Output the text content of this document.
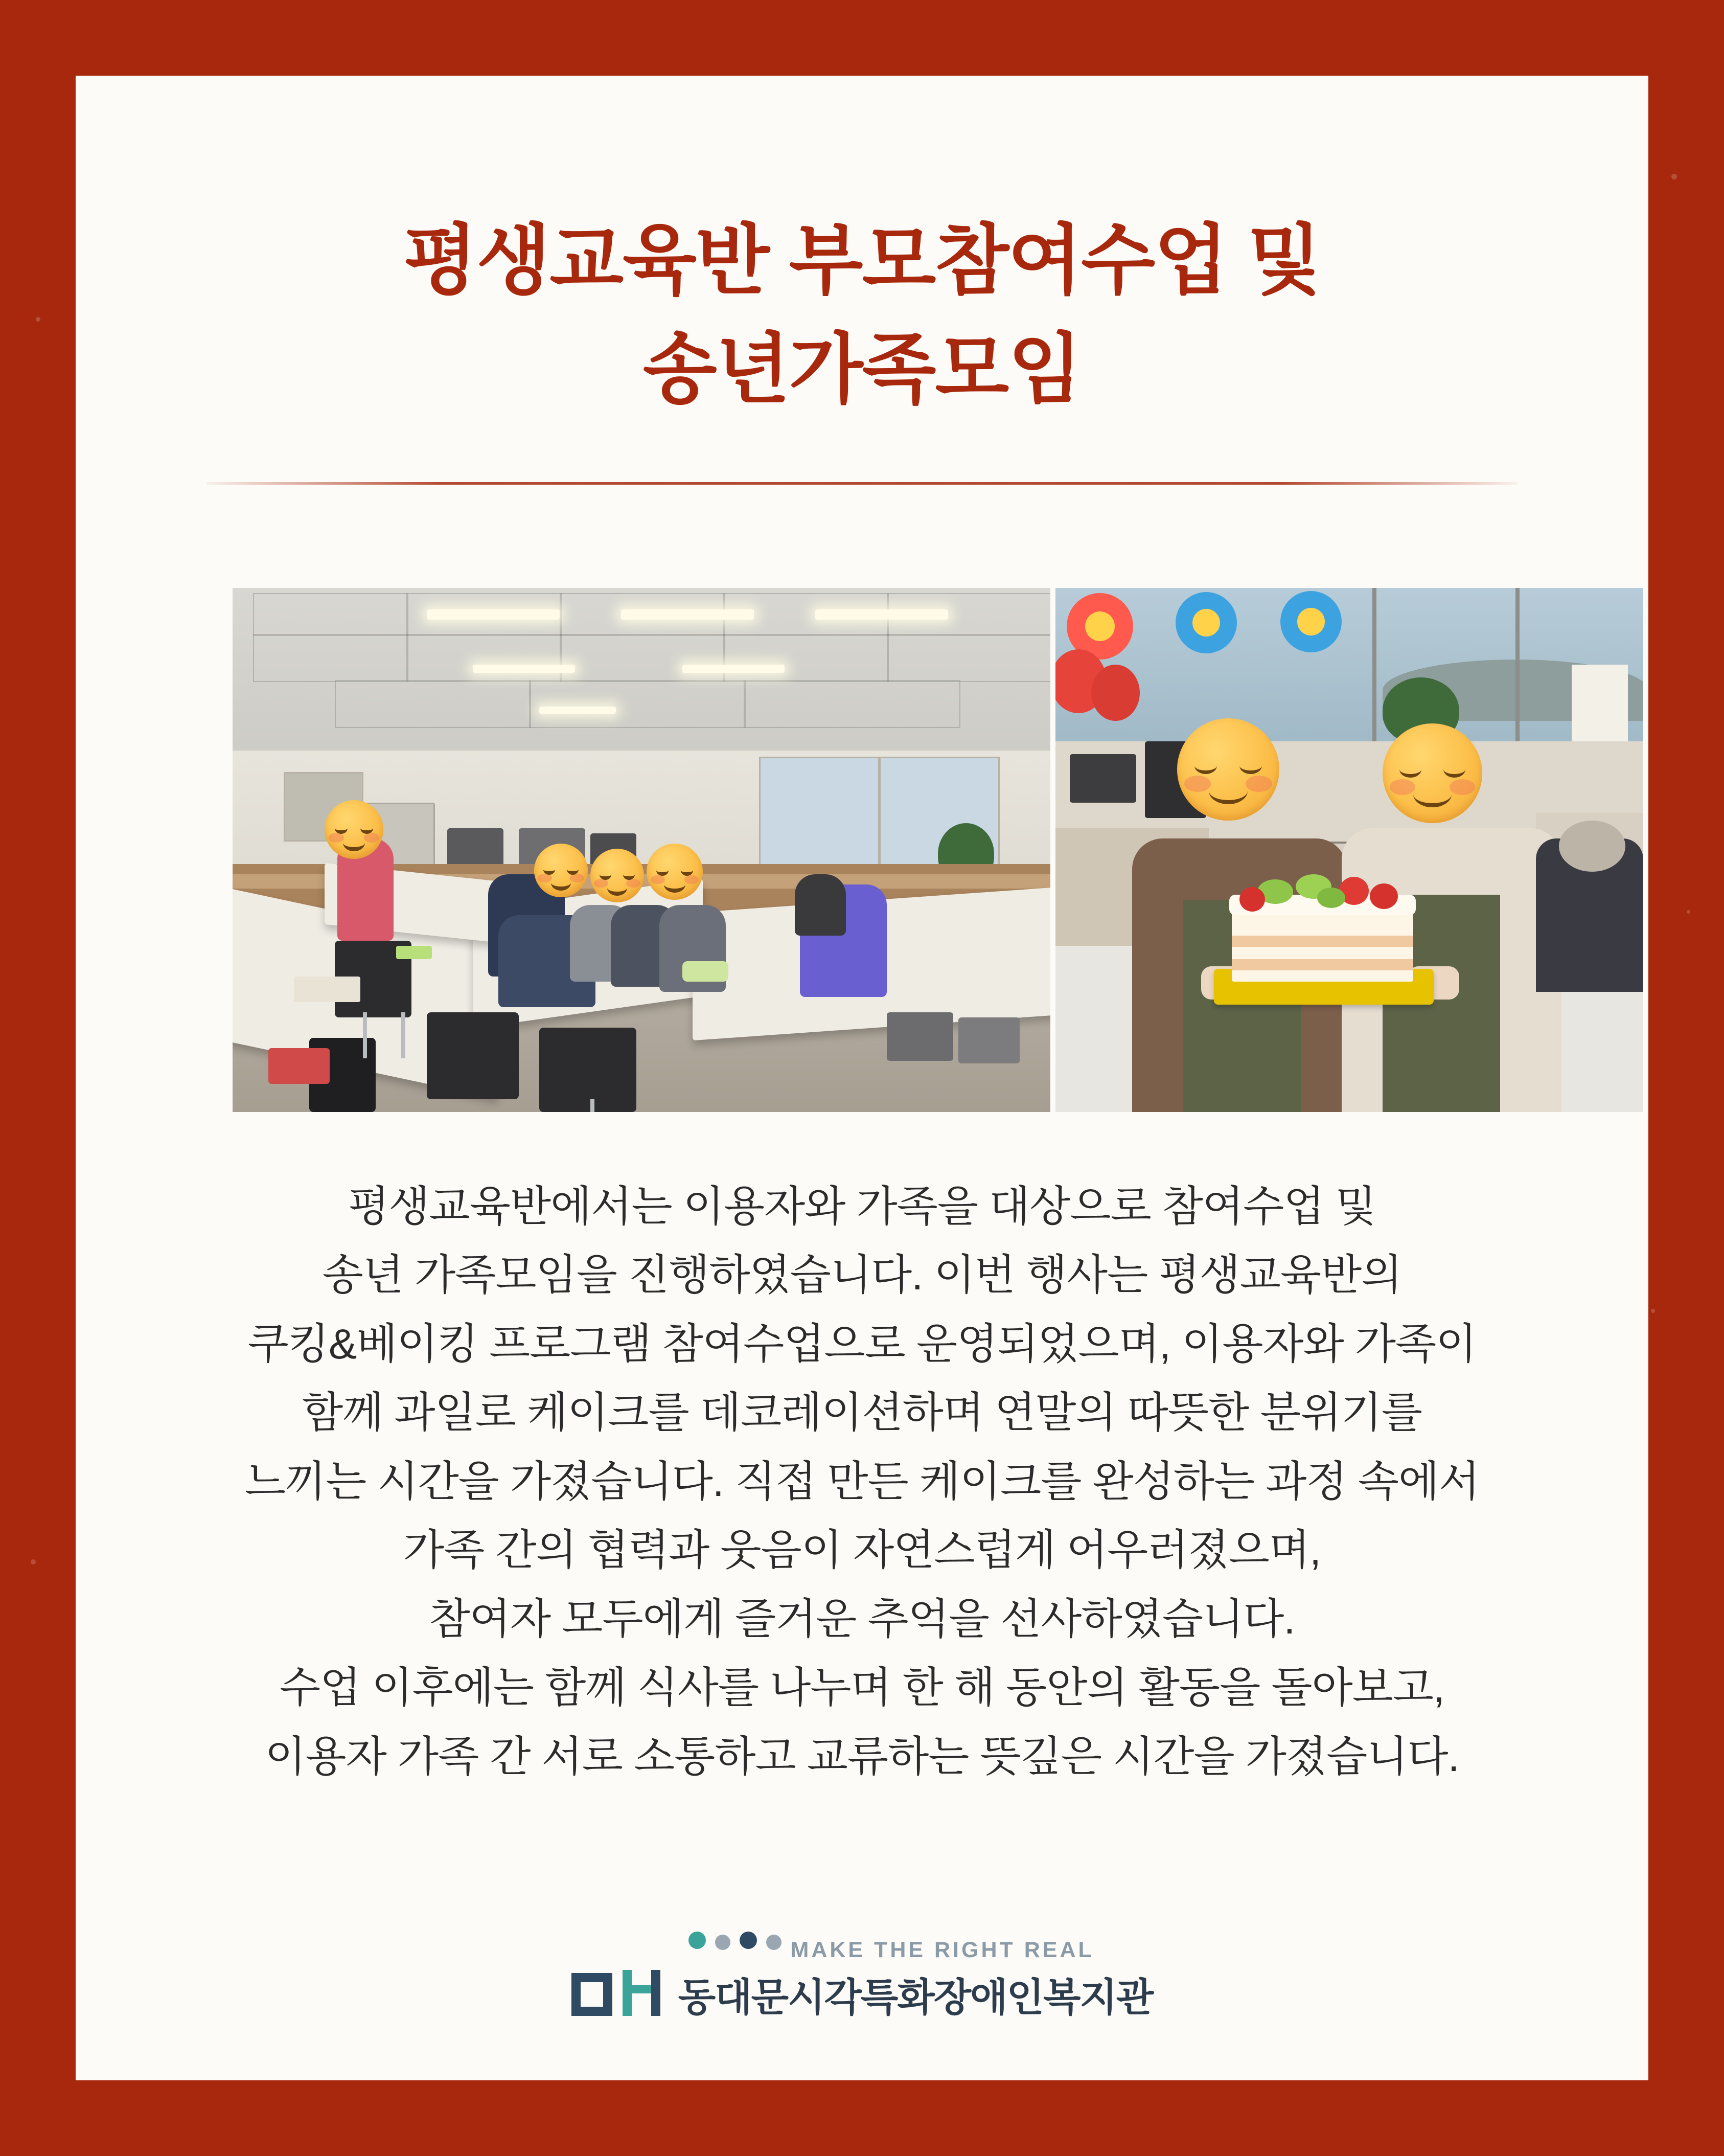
평생교육반 부모참여수업 및
송년가족모임

평생교육반에서는 이용자와 가족을 대상으로 참여수업 및

송년 가족모임을 진행하였습니다. 이번 행사는 평생교육반의

쿠킹&베이킹 프로그램 참여수업으로 운영되었으며, 이용자와 가족이

함께 과일로 케이크를 데코레이션하며 연말의 따뜻한 분위기를

느끼는 시간을 가졌습니다. 직접 만든 케이크를 완성하는 과정 속에서

가족 간의 협력과 웃음이 자연스럽게 어우러졌으며,

참여자 모두에게 즐거운 추억을 선사하였습니다.

수업 이후에는 함께 식사를 나누며 한 해 동안의 활동을 돌아보고,

이용자 가족 간 서로 소통하고 교류하는 뜻깊은 시간을 가졌습니다.

MAKE THE RIGHT REAL
동대문시각특화장애인복지관
